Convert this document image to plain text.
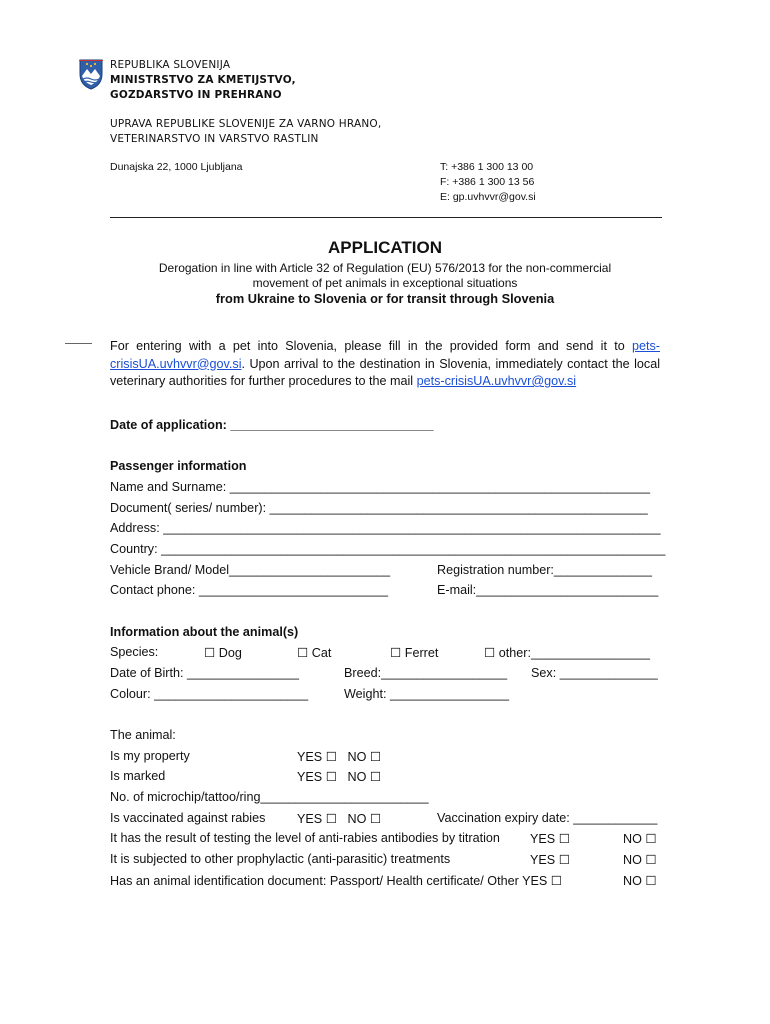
REPUBLIKA SLOVENIJA
MINISTRSTVO ZA KMETIJSTVO,
GOZDARSTVO IN PREHRANO
UPRAVA REPUBLIKE SLOVENIJE ZA VARNO HRANO,
VETERINARSTVO IN VARSTVO RASTLIN
Dunajska 22, 1000 Ljubljana	T: +386 1 300 13 00
F: +386 1 300 13 56
E: gp.uvhvvr@gov.si
APPLICATION
Derogation in line with Article 32 of Regulation (EU) 576/2013 for the non-commercial
movement of pet animals in exceptional situations
from Ukraine to Slovenia or for transit through Slovenia
For entering with a pet into Slovenia, please fill in the provided form and send it to pets-crisisUA.uvhvvr@gov.si. Upon arrival to the destination in Slovenia, immediately contact the local veterinary authorities for further procedures to the mail pets-crisisUA.uvhvvr@gov.si
Date of application: _____________________________
Passenger information
Name and Surname: ____________________________________________________________
Document( series/ number): ______________________________________________________
Address: _______________________________________________________________________
Country: ________________________________________________________________________
Vehicle Brand/ Model_______________________	Registration number:______________
Contact phone: ___________________________	E-mail:__________________________
Information about the animal(s)
Species:	☐ Dog	☐ Cat	☐ Ferret	☐ other:_________________
Date of Birth: ________________	Breed:__________________ Sex: ______________
Colour: ______________________	Weight: _________________
The animal:
Is my property	YES ☐   NO ☐
Is marked	YES ☐   NO ☐
No. of microchip/tattoo/ring________________________
Is vaccinated against rabies	YES ☐   NO ☐	Vaccination expiry date: ____________
It has the result of testing the level of anti-rabies antibodies by titration YES ☐	NO ☐
It is subjected to other prophylactic (anti-parasitic) treatments	YES ☐	NO ☐
Has an animal identification document: Passport/ Health certificate/ Other YES ☐	NO ☐
